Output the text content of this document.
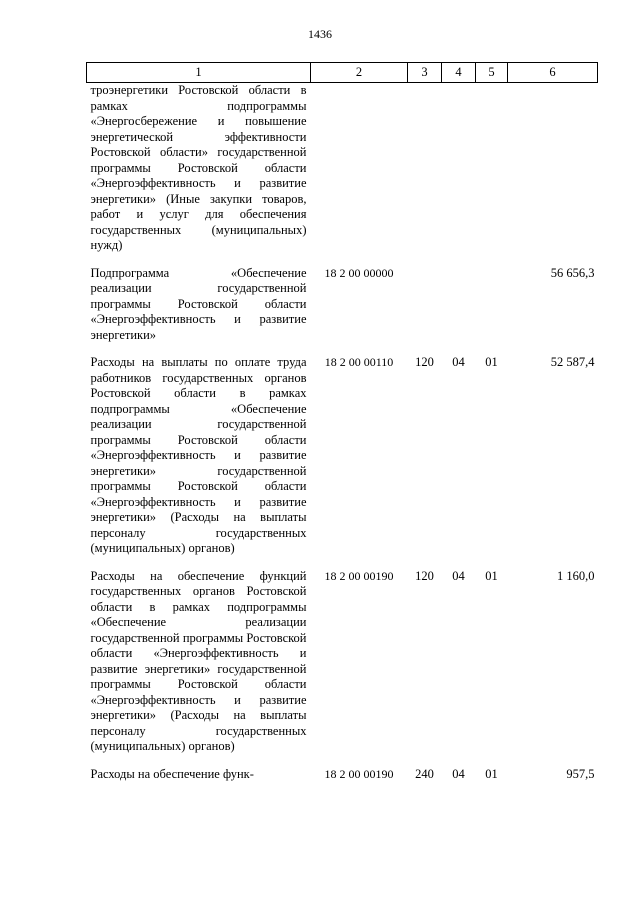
1436
1	2	3	4	5	6
троэнергетики Ростовской области в рамках подпрограммы «Энергосбережение и повышение энергетической эффективности Ростовской области» государственной программы Ростовской области «Энергоэффективность и развитие энергетики» (Иные закупки товаров, работ и услуг для обеспечения государственных (муниципальных) нужд)					
Подпрограмма «Обеспечение реализации государственной программы Ростовской области «Энергоэффективность и развитие энергетики»	18 2 00 00000				56 656,3
Расходы на выплаты по оплате труда работников государственных органов Ростовской области в рамках подпрограммы «Обеспечение реализации государственной программы Ростовской области «Энергоэффективность и развитие энергетики» государственной программы Ростовской области «Энергоэффективность и развитие энергетики» (Расходы на выплаты персоналу государственных (муниципальных) органов)	18 2 00 00110	120	04	01	52 587,4
Расходы на обеспечение функций государственных органов Ростовской области в рамках подпрограммы «Обеспечение реализации государственной программы Ростовской области «Энергоэффективность и развитие энергетики» государственной программы Ростовской области «Энергоэффективность и развитие энергетики» (Расходы на выплаты персоналу государственных (муниципальных) органов)	18 2 00 00190	120	04	01	1 160,0
Расходы на обеспечение функ-	18 2 00 00190	240	04	01	957,5
